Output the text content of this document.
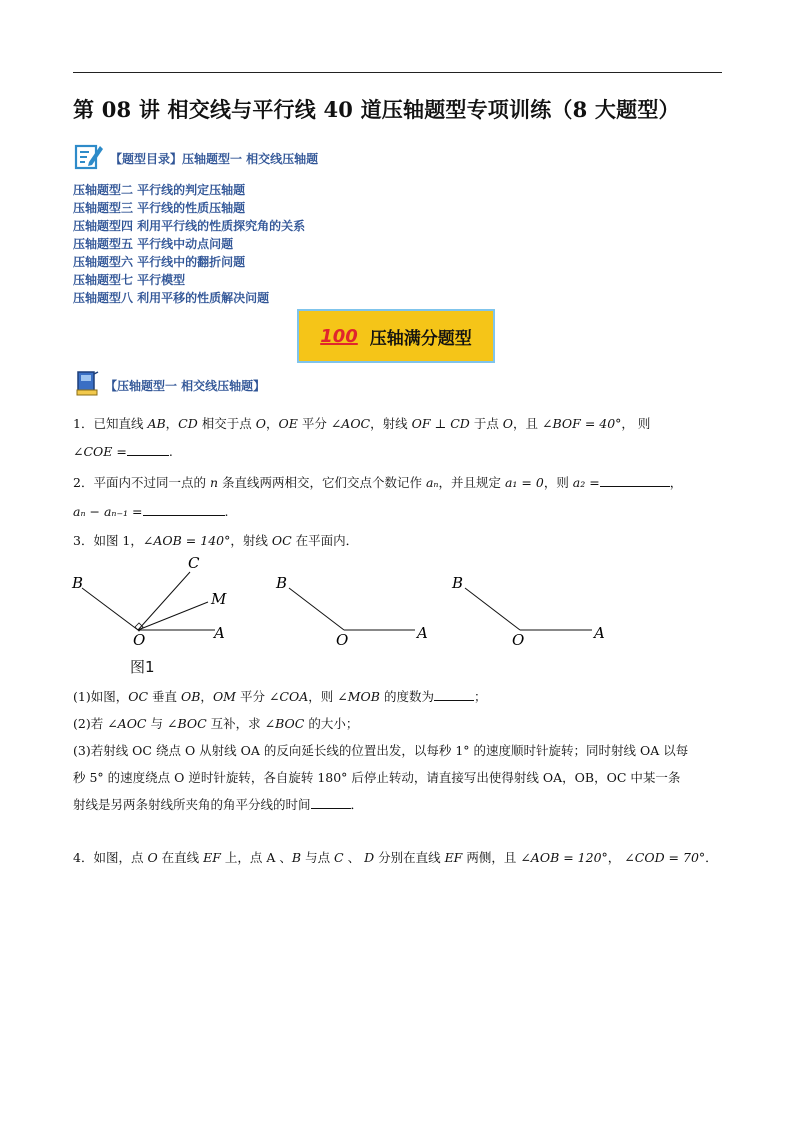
第 08 讲 相交线与平行线 40 道压轴题型专项训练（8 大题型）
【题型目录】压轴题型一 相交线压轴题
压轴题型二 平行线的判定压轴题
压轴题型三 平行线的性质压轴题
压轴题型四 利用平行线的性质探究角的关系
压轴题型五 平行线中动点问题
压轴题型六 平行线中的翻折问题
压轴题型七 平行模型
压轴题型八 利用平移的性质解决问题
100 压轴满分题型
【压轴题型一 相交线压轴题】
1．已知直线 AB，CD 相交于点 O，OE 平分 ∠AOC，射线 OF ⊥ CD 于点 O，且 ∠BOF = 40°， 则
∠COE =	.
2．平面内不过同一点的 n 条直线两两相交，它们交点个数记作 aₙ，并且规定 a₁ = 0，则 a₂ =	，
aₙ − aₙ₋₁ =	.
3．如图 1，∠AOB = 140°，射线 OC 在平面内．
B
C
M
O	A
B
O	A
B
O	A
图1
(1)如图，OC 垂直 OB，OM 平分 ∠COA，则 ∠MOB 的度数为	；
(2)若 ∠AOC 与 ∠BOC 互补，求 ∠BOC 的大小；
(3)若射线 OC 绕点 O 从射线 OA 的反向延长线的位置出发，以每秒 1° 的速度顺时针旋转；同时射线 OA 以每
秒 5° 的速度绕点 O 逆时针旋转，各自旋转 180° 后停止转动，请直接写出使得射线 OA，OB，OC 中某一条
射线是另两条射线所夹角的角平分线的时间	．
4．如图，点 O 在直线 EF 上，点 A 、B 与点 C 、 D 分别在直线 EF 两侧，且 ∠AOB = 120°， ∠COD = 70°．
